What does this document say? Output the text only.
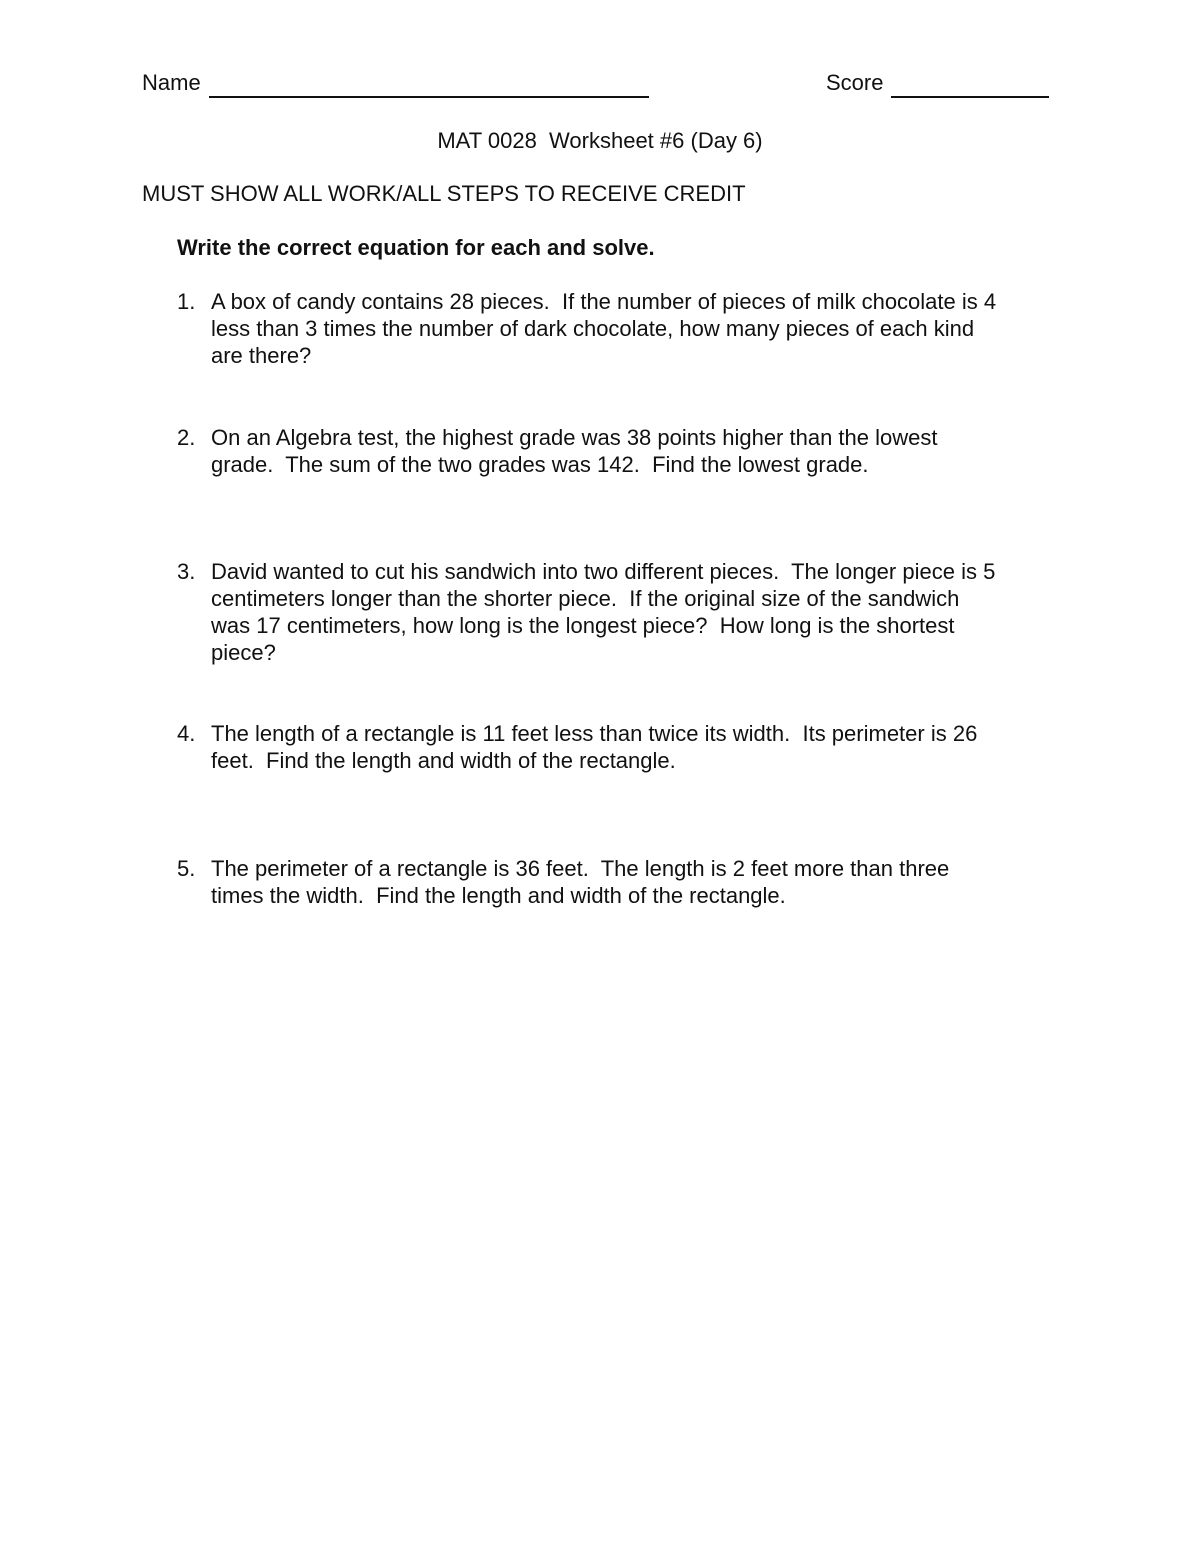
Name	Score
MAT 0028  Worksheet #6 (Day 6)
MUST SHOW ALL WORK/ALL STEPS TO RECEIVE CREDIT
Write the correct equation for each and solve.
1. A box of candy contains 28 pieces.  If the number of pieces of milk chocolate is 4
less than 3 times the number of dark chocolate, how many pieces of each kind
are there?
2. On an Algebra test, the highest grade was 38 points higher than the lowest
grade.  The sum of the two grades was 142.  Find the lowest grade.
3. David wanted to cut his sandwich into two different pieces.  The longer piece is 5
centimeters longer than the shorter piece.  If the original size of the sandwich
was 17 centimeters, how long is the longest piece?  How long is the shortest
piece?
4. The length of a rectangle is 11 feet less than twice its width.  Its perimeter is 26
feet.  Find the length and width of the rectangle.
5. The perimeter of a rectangle is 36 feet.  The length is 2 feet more than three
times the width.  Find the length and width of the rectangle.
